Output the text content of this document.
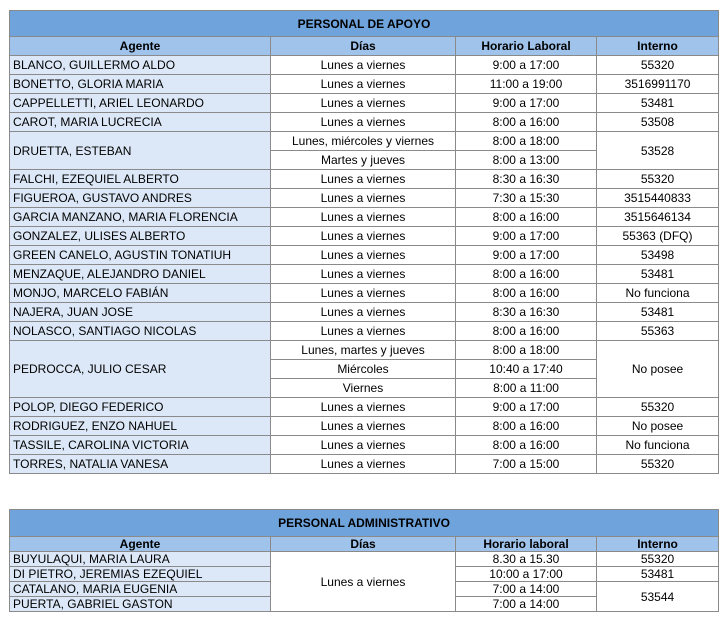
PERSONAL DE APOYO			
Agente	Días	Horario Laboral	Interno
BLANCO, GUILLERMO ALDO	Lunes a viernes	9:00 a 17:00	55320
BONETTO, GLORIA MARIA	Lunes a viernes	11:00 a 19:00	3516991170
CAPPELLETTI, ARIEL LEONARDO	Lunes a viernes	9:00 a 17:00	53481
CAROT, MARIA LUCRECIA	Lunes a viernes	8:00 a 16:00	53508
DRUETTA, ESTEBAN	Lunes, miércoles y viernes	8:00 a 18:00	53528
	Martes y jueves	8:00 a 13:00	
FALCHI, EZEQUIEL ALBERTO	Lunes a viernes	8:30 a 16:30	55320
FIGUEROA, GUSTAVO ANDRES	Lunes a viernes	7:30 a 15:30	3515440833
GARCIA MANZANO, MARIA FLORENCIA	Lunes a viernes	8:00 a 16:00	3515646134
GONZALEZ, ULISES ALBERTO	Lunes a viernes	9:00 a 17:00	55363 (DFQ)
GREEN CANELO, AGUSTIN TONATIUH	Lunes a viernes	9:00 a 17:00	53498
MENZAQUE, ALEJANDRO DANIEL	Lunes a viernes	8:00 a 16:00	53481
MONJO, MARCELO FABIÁN	Lunes a viernes	8:00 a 16:00	No funciona
NAJERA, JUAN JOSE	Lunes a viernes	8:30 a 16:30	53481
NOLASCO, SANTIAGO NICOLAS	Lunes a viernes	8:00 a 16:00	55363
PEDROCCA, JULIO CESAR	Lunes, martes y jueves	8:00 a 18:00	No posee
	Miércoles	10:40 a 17:40	
	Viernes	8:00 a 11:00	
POLOP, DIEGO FEDERICO	Lunes a viernes	9:00 a 17:00	55320
RODRIGUEZ, ENZO NAHUEL	Lunes a viernes	8:00 a 16:00	No posee
TASSILE, CAROLINA VICTORIA	Lunes a viernes	8:00 a 16:00	No funciona
TORRES, NATALIA VANESA	Lunes a viernes	7:00 a 15:00	55320
PERSONAL ADMINISTRATIVO			
Agente	Días	Horario laboral	Interno
BUYULAQUI, MARIA LAURA	Lunes a viernes	8.30 a 15.30	55320
DI PIETRO, JEREMIAS EZEQUIEL		10:00 a 17:00	53481
CATALANO, MARIA EUGENIA		7:00 a 14:00	53544
PUERTA, GABRIEL GASTON		7:00 a 14:00	
